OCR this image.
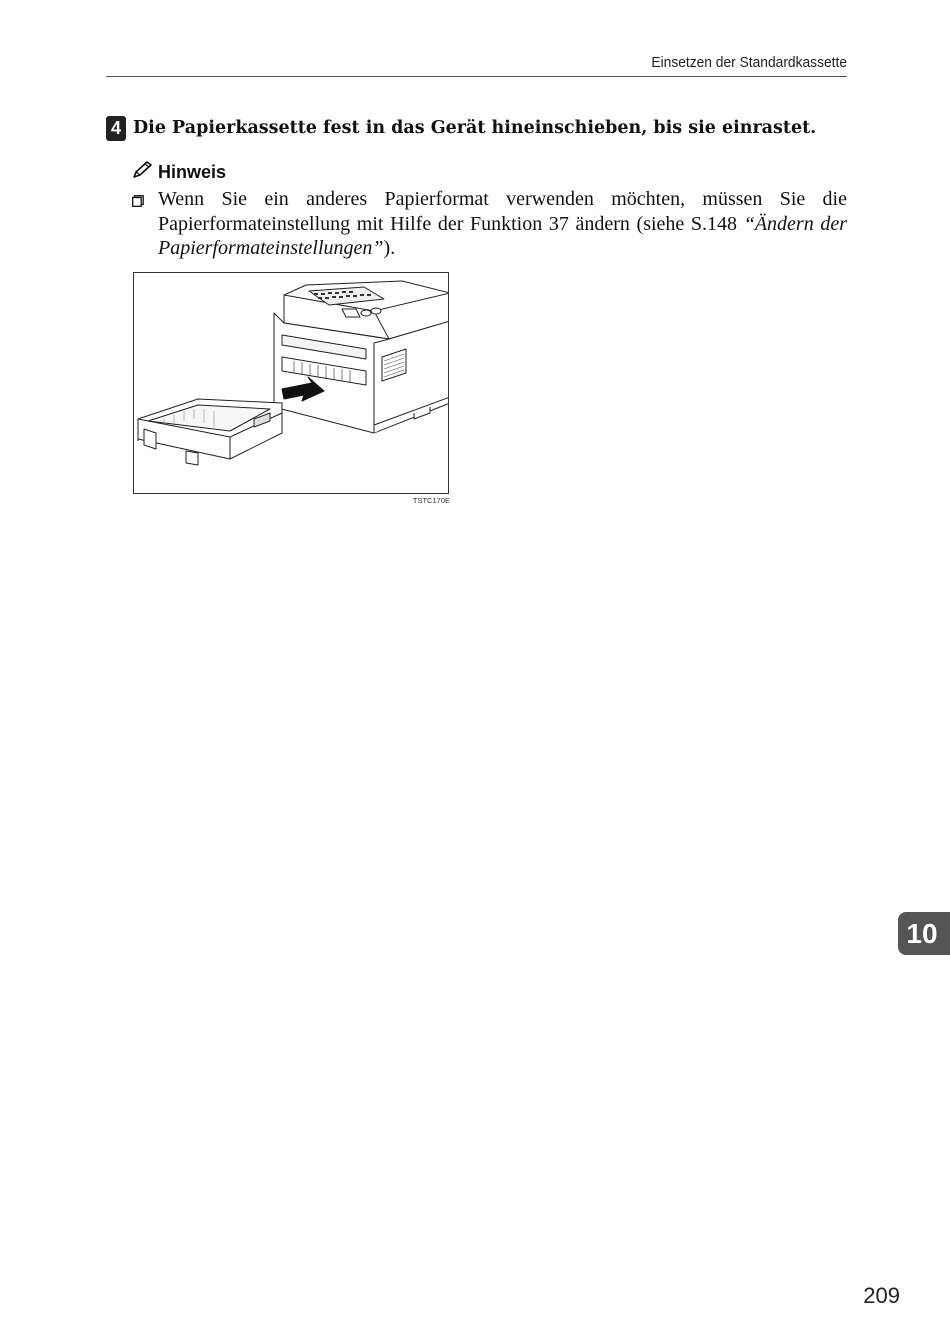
Einsetzen der Standardkassette
4 Die Papierkassette fest in das Gerät hineinschieben, bis sie einrastet.
Hinweis
Wenn Sie ein anderes Papierformat verwenden möchten, müssen Sie die Papierformateinstellung mit Hilfe der Funktion 37 ändern (siehe S.148 “Ändern der Papierformateinstellungen”).
TSTC170E
10
209
